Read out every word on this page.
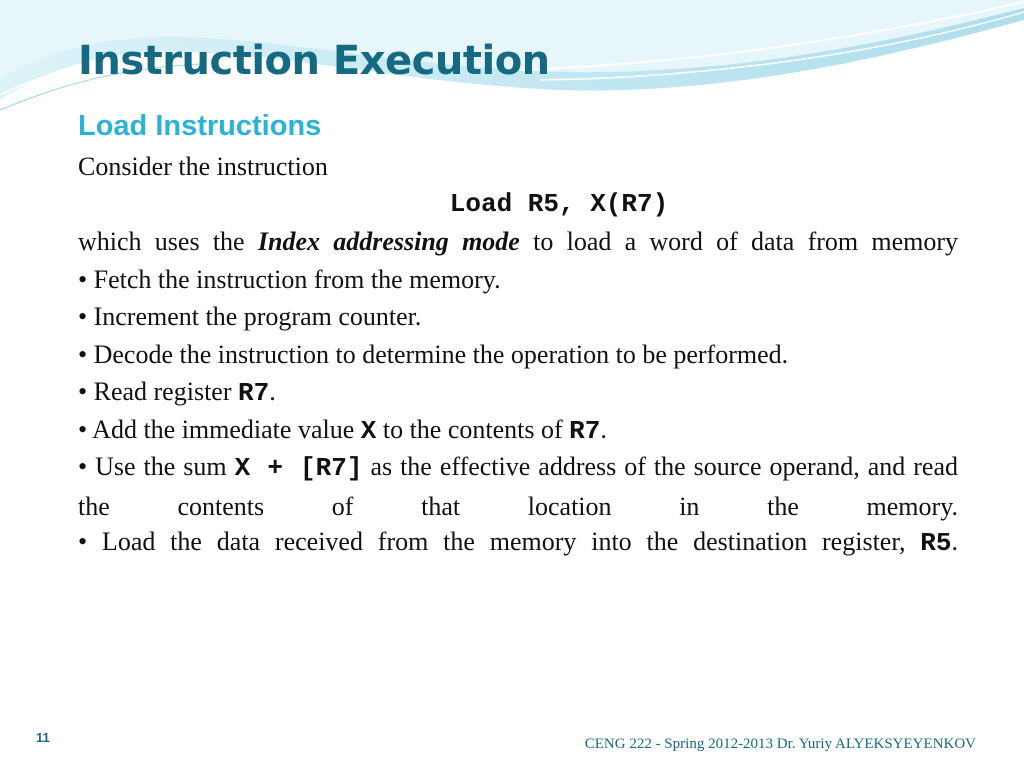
Instruction Execution
Load Instructions
Consider the instruction
Load R5, X(R7)
which uses the Index addressing mode to load a word of data from memory
• Fetch the instruction from the memory.
• Increment the program counter.
• Decode the instruction to determine the operation to be performed.
• Read register R7.
• Add the immediate value X to the contents of R7.
• Use the sum X + [R7] as the effective address of the source operand, and read the contents of that location in the memory.
• Load the data received from the memory into the destination register, R5.
11	CENG 222 - Spring 2012-2013 Dr. Yuriy ALYEKSYEYENKOV
